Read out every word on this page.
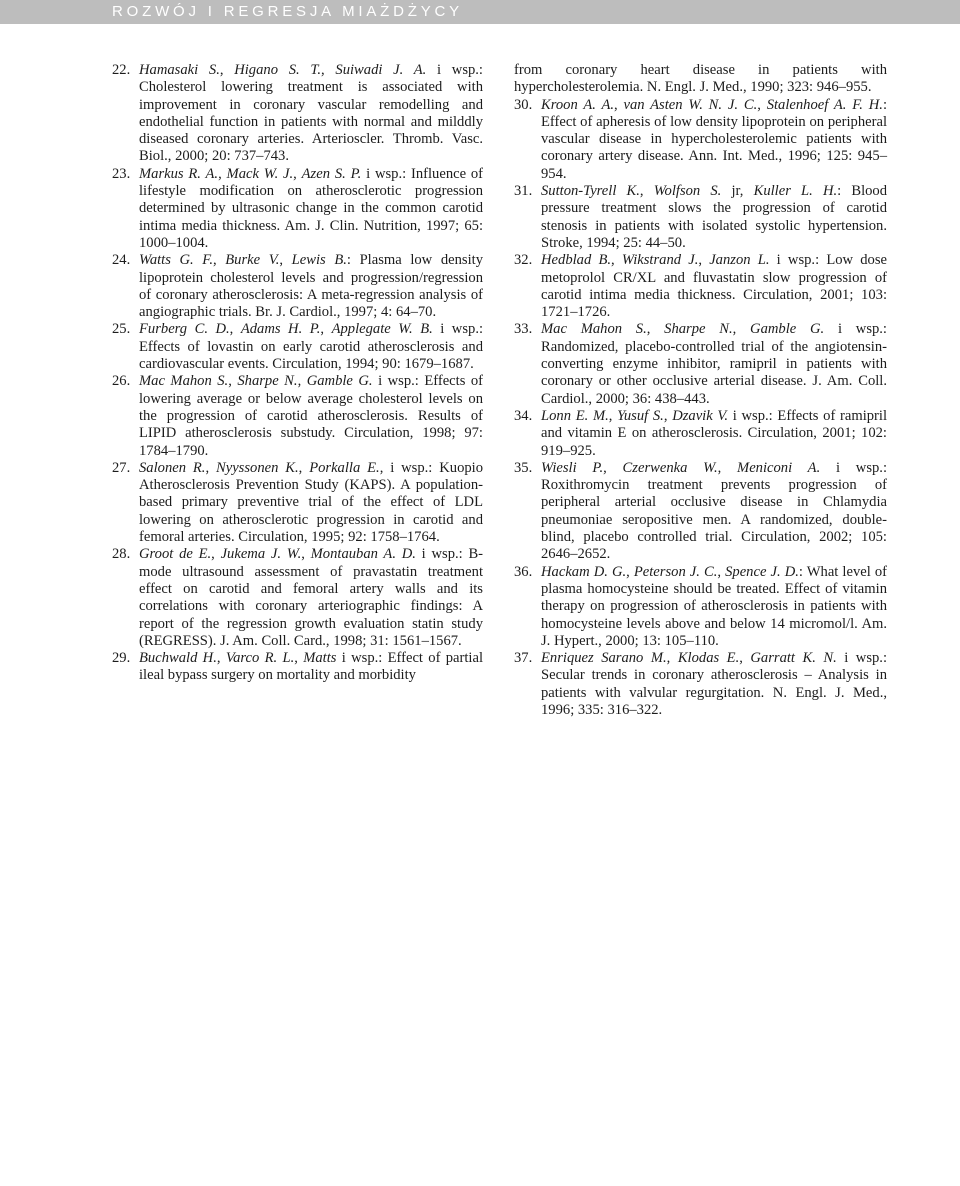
ROZWÓJ I REGRESJA MIAŻDŻYCY
22. Hamasaki S., Higano S. T., Suiwadi J. A. i wsp.: Cholesterol lowering treatment is associated with improvement in coronary vascular remodelling and endothelial function in patients with normal and milddly diseased coronary arteries. Arterioscler. Thromb. Vasc. Biol., 2000; 20: 737–743.
23. Markus R. A., Mack W. J., Azen S. P. i wsp.: Influence of lifestyle modification on atherosclerotic progression determined by ultrasonic change in the common carotid intima media thickness. Am. J. Clin. Nutrition, 1997; 65: 1000–1004.
24. Watts G. F., Burke V., Lewis B.: Plasma low density lipoprotein cholesterol levels and progression/regression of coronary atherosclerosis: A meta-regression analysis of angiographic trials. Br. J. Cardiol., 1997; 4: 64–70.
25. Furberg C. D., Adams H. P., Applegate W. B. i wsp.: Effects of lovastin on early carotid atherosclerosis and cardiovascular events. Circulation, 1994; 90: 1679–1687.
26. Mac Mahon S., Sharpe N., Gamble G. i wsp.: Effects of lowering average or below average cholesterol levels on the progression of carotid atherosclerosis. Results of LIPID atherosclerosis substudy. Circulation, 1998; 97: 1784–1790.
27. Salonen R., Nyyssonen K., Porkalla E., i wsp.: Kuopio Atherosclerosis Prevention Study (KAPS). A population-based primary preventive trial of the effect of LDL lowering on atherosclerotic progression in carotid and femoral arteries. Circulation, 1995; 92: 1758–1764.
28. Groot de E., Jukema J. W., Montauban A. D. i wsp.: B-mode ultrasound assessment of pravastatin treatment effect on carotid and femoral artery walls and its correlations with coronary arteriographic findings: A report of the regression growth evaluation statin study (REGRESS). J. Am. Coll. Card., 1998; 31: 1561–1567.
29. Buchwald H., Varco R. L., Matts i wsp.: Effect of partial ileal bypass surgery on mortality and morbidity
from coronary heart disease in patients with hypercholesterolemia. N. Engl. J. Med., 1990; 323: 946–955.
30. Kroon A. A., van Asten W. N. J. C., Stalenhoef A. F. H.: Effect of apheresis of low density lipoprotein on peripheral vascular disease in hypercholesterolemic patients with coronary artery disease. Ann. Int. Med., 1996; 125: 945–954.
31. Sutton-Tyrell K., Wolfson S. jr, Kuller L. H.: Blood pressure treatment slows the progression of carotid stenosis in patients with isolated systolic hypertension. Stroke, 1994; 25: 44–50.
32. Hedblad B., Wikstrand J., Janzon L. i wsp.: Low dose metoprolol CR/XL and fluvastatin slow progression of carotid intima media thickness. Circulation, 2001; 103: 1721–1726.
33. Mac Mahon S., Sharpe N., Gamble G. i wsp.: Randomized, placebo-controlled trial of the angiotensin-converting enzyme inhibitor, ramipril in patients with coronary or other occlusive arterial disease. J. Am. Coll. Cardiol., 2000; 36: 438–443.
34. Lonn E. M., Yusuf S., Dzavik V. i wsp.: Effects of ramipril and vitamin E on atherosclerosis. Circulation, 2001; 102: 919–925.
35. Wiesli P., Czerwenka W., Meniconi A. i wsp.: Roxithromycin treatment prevents progression of peripheral arterial occlusive disease in Chlamydia pneumoniae seropositive men. A randomized, double-blind, placebo controlled trial. Circulation, 2002; 105: 2646–2652.
36. Hackam D. G., Peterson J. C., Spence J. D.: What level of plasma homocysteine should be treated. Effect of vitamin therapy on progression of atherosclerosis in patients with homocysteine levels above and below 14 micromol/l. Am. J. Hypert., 2000; 13: 105–110.
37. Enriquez Sarano M., Klodas E., Garratt K. N. i wsp.: Secular trends in coronary atherosclerosis – Analysis in patients with valvular regurgitation. N. Engl. J. Med., 1996; 335: 316–322.
